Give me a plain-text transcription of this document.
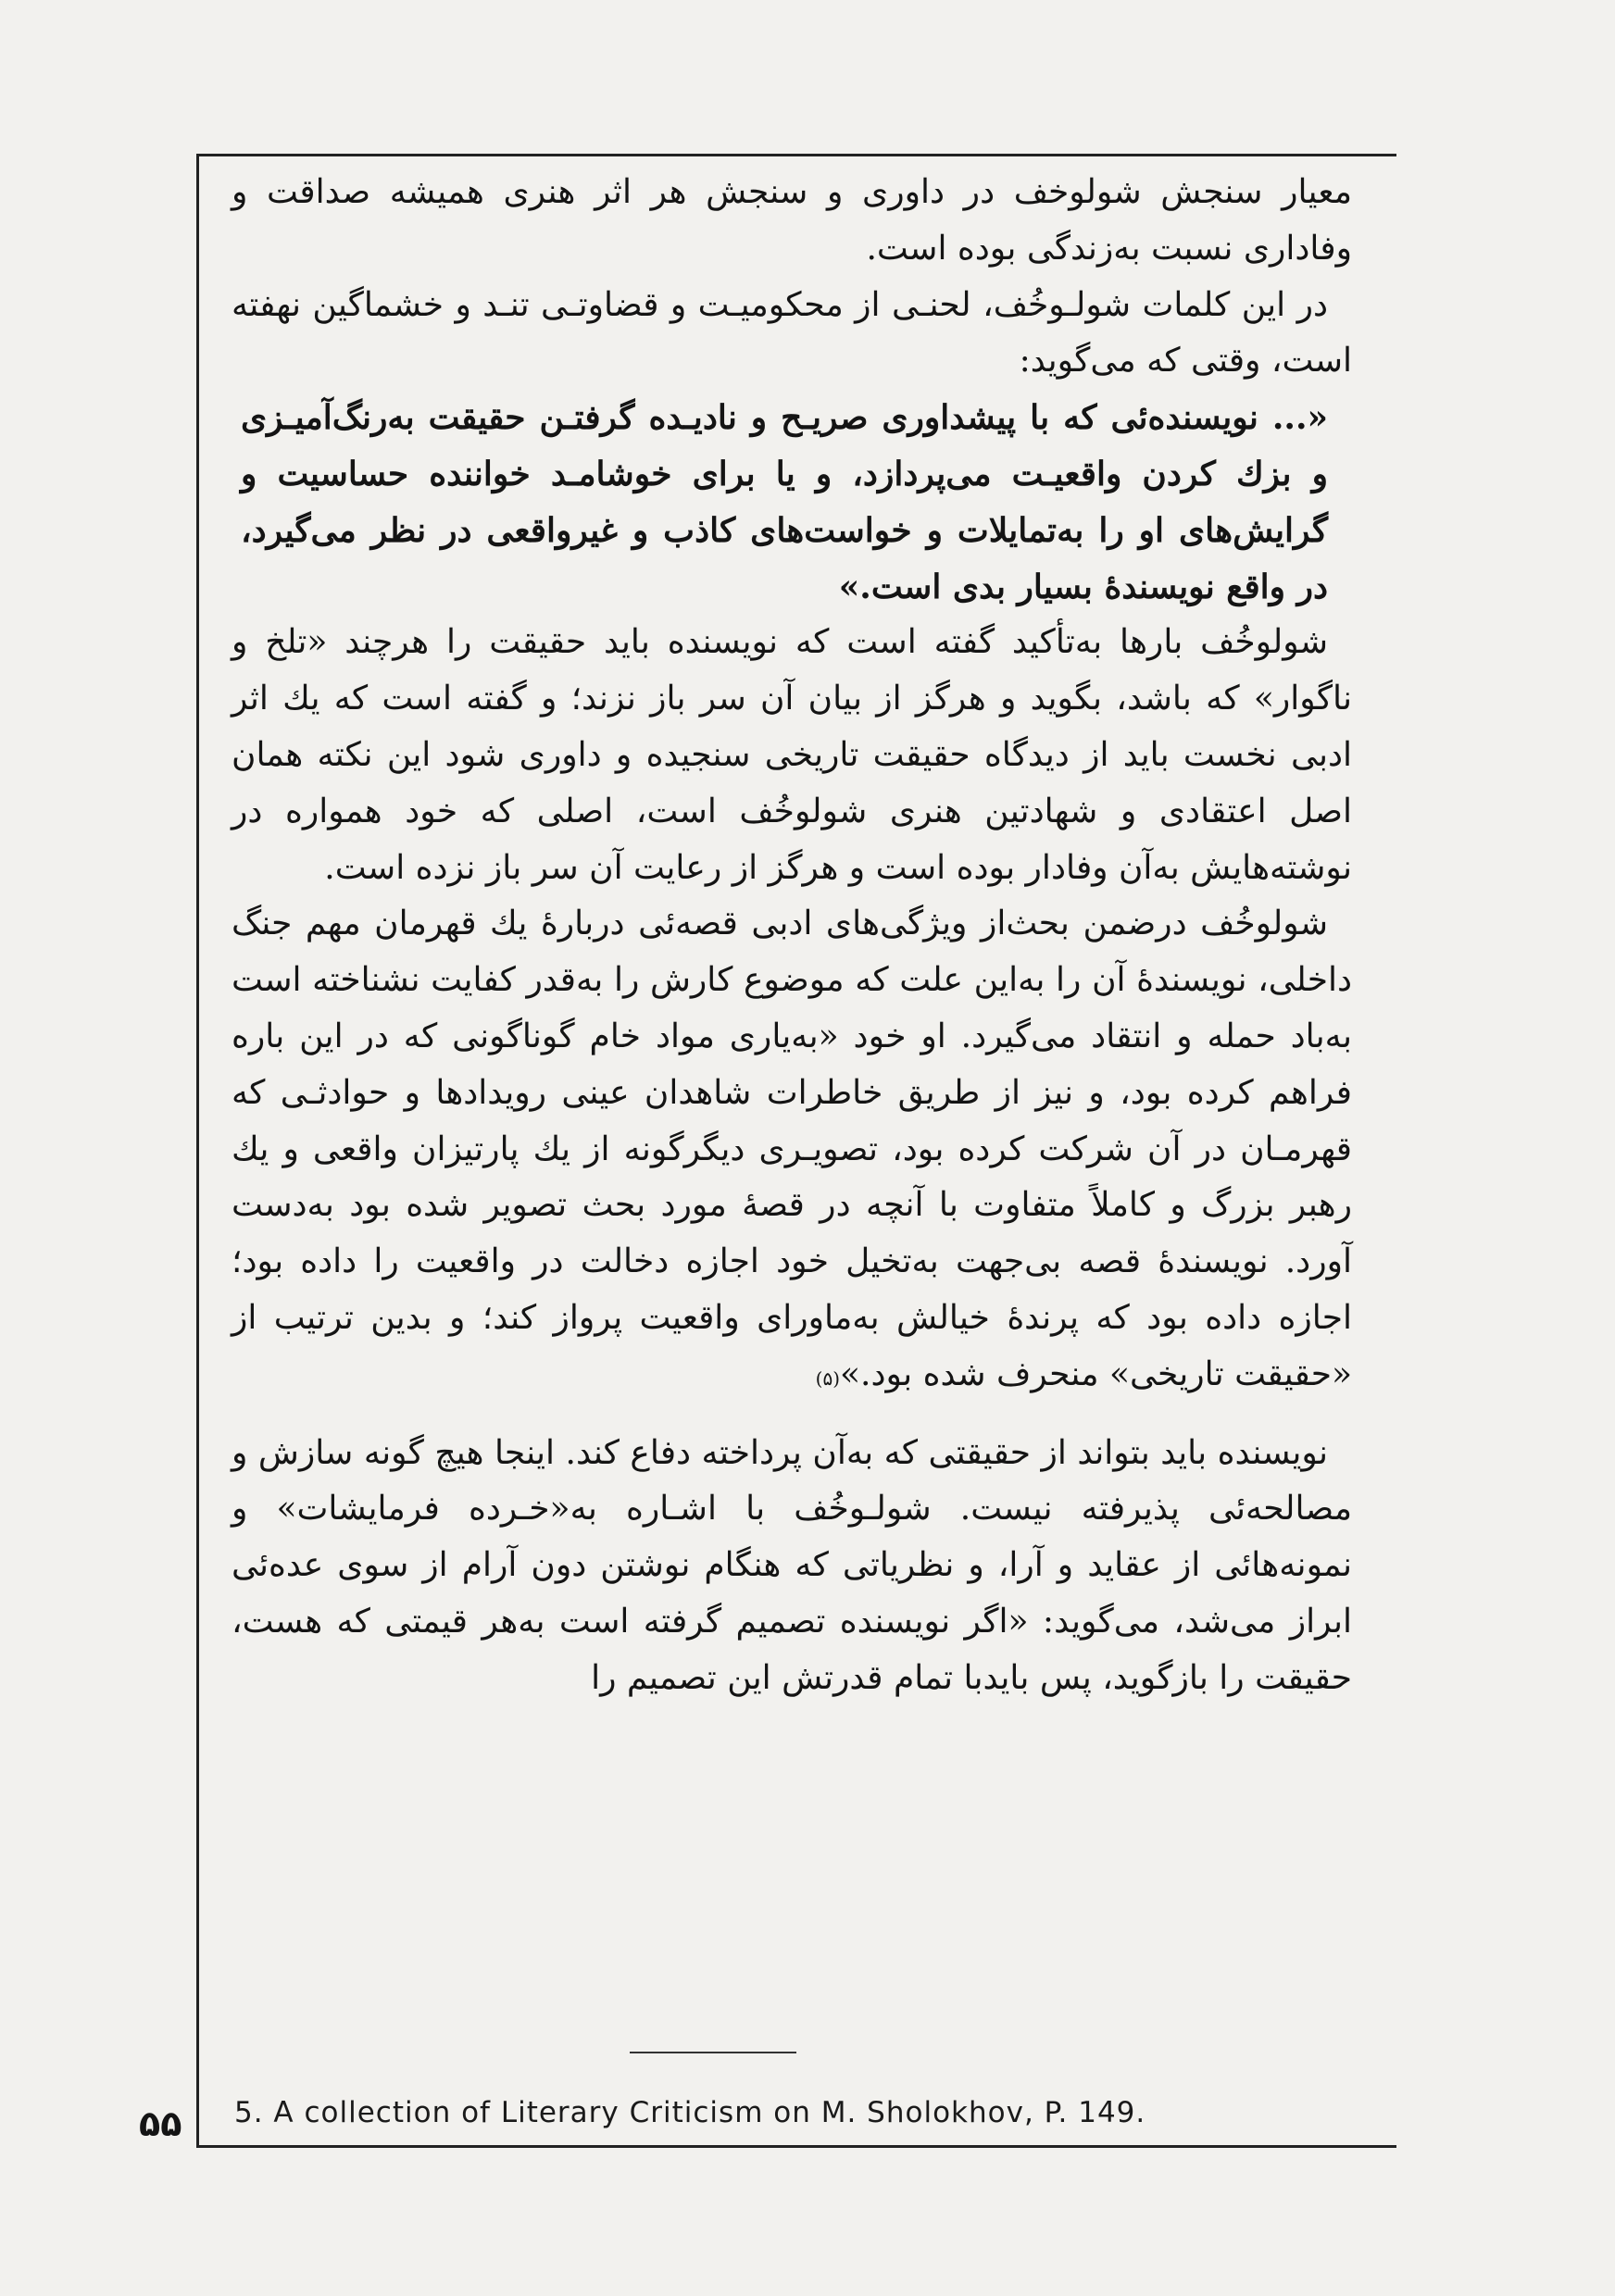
معیار سنجش شولوخف در داوری و سنجش هر اثر هنری همیشه صداقت و وفاداری نسبت به‌زندگی بوده است.

در این کلمات شولـوخُف، لحنـی از محکومیـت و قضاوتـی تنـد و خشماگین نهفته است، وقتی که می‌گوید:

«... نویسنده‌ئی که با پیشداوری صریـح و نادیـده گرفتـن حقیقت به‌رنگ‌آمیـزی و بزك کردن واقعیـت می‌پردازد، و یا برای خوشامـد خواننده حساسیت و گرایش‌های او را به‌تمایلات و خواست‌های کاذب و غیرواقعی در نظر می‌گیرد، در واقع نویسندهٔ بسیار بدی است.»

شولوخُف بارها به‌تأکید گفته است که نویسنده باید حقیقت را هرچند «تلخ و ناگوار» که باشد، بگوید و هرگز از بیان آن سر باز نزند؛ و گفته است که یك اثر ادبی نخست باید از دیدگاه حقیقت تاریخی سنجیده و داوری شود این نکته همان اصل اعتقادی و شهادتین هنری شولوخُف است، اصلی که خود همواره در نوشته‌هایش به‌آن وفادار بوده است و هرگز از رعایت آن سر باز نزده است.

شولوخُف درضمن بحث‌از ویژگی‌های ادبی قصه‌ئی دربارهٔ یك قهرمان مهم جنگ داخلی، نویسندهٔ آن را به‌این علت که موضوع کارش را به‌قدر کفایت نشناخته است به‌باد حمله و انتقاد می‌گیرد. او خود «به‌یاری مواد خام گوناگونی که در این باره فراهم کرده بود، و نیز از طریق خاطرات شاهدان عینی رویدادها و حوادثـی که قهرمـان در آن شرکت کرده بود، تصویـری دیگرگونه از یك پارتیزان واقعی و یك رهبر بزرگ و کاملاً متفاوت با آنچه در قصهٔ مورد بحث تصویر شده بود به‌دست آورد. نویسندهٔ قصه بی‌جهت به‌تخیل خود اجازه دخالت در واقعیت را داده بود؛ اجازه داده بود که پرندهٔ خیالش به‌ماورای واقعیت پرواز کند؛ و بدین ترتیب از «حقیقت تاریخی» منحرف شده بود.»(۵)

نویسنده باید بتواند از حقیقتی که به‌آن پرداخته دفاع کند. اینجا هیچ گونه سازش و مصالحه‌ئی پذیرفته نیست. شولـوخُف با اشـاره به‌«خـرده فرمایشات» و نمونه‌هائی از عقاید و آرا، و نظریاتی که هنگام نوشتن دون آرام از سوی عده‌ئی ابراز می‌شد، می‌گوید: «اگر نویسنده تصمیم گرفته است به‌هر قیمتی که هست، حقیقت را بازگوید، پس بایدبا تمام قدرتش این تصمیم را

5. A collection of Literary Criticism on M. Sholokhov, P. 149.
۵۵
